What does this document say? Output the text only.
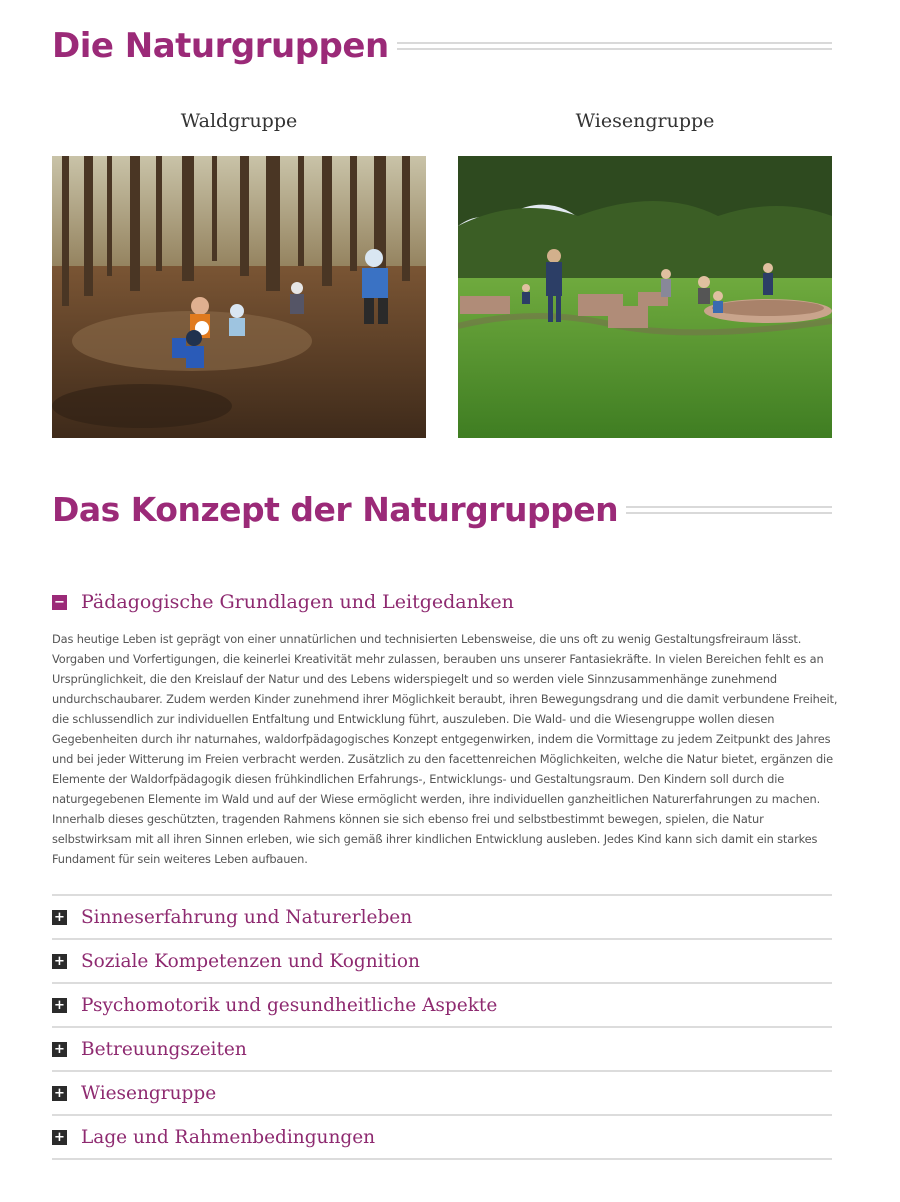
Die Naturgruppen
Waldgruppe	Wiesengruppe
Das Konzept der Naturgruppen
− Pädagogische Grundlagen und Leitgedanken

Das heutige Leben ist geprägt von einer unnatürlichen und technisierten Lebensweise, die uns oft zu wenig Gestaltungsfreiraum lässt. Vorgaben und Vorfertigungen, die keinerlei Kreativität mehr zulassen, berauben uns unserer Fantasiekräfte. In vielen Bereichen fehlt es an Ursprünglichkeit, die den Kreislauf der Natur und des Lebens widerspiegelt und so werden viele Sinnzusammenhänge zunehmend undurchschaubarer. Zudem werden Kinder zunehmend ihrer Möglichkeit beraubt, ihren Bewegungsdrang und die damit verbundene Freiheit, die schlussendlich zur individuellen Entfaltung und Entwicklung führt, auszuleben. Die Wald- und die Wiesengruppe wollen diesen Gegebenheiten durch ihr naturnahes, waldorfpädagogisches Konzept entgegenwirken, indem die Vormittage zu jedem Zeitpunkt des Jahres und bei jeder Witterung im Freien verbracht werden. Zusätzlich zu den facettenreichen Möglichkeiten, welche die Natur bietet, ergänzen die Elemente der Waldorfpädagogik diesen frühkindlichen Erfahrungs-, Entwicklungs- und Gestaltungsraum. Den Kindern soll durch die naturgegebenen Elemente im Wald und auf der Wiese ermöglicht werden, ihre individuellen ganzheitlichen Naturerfahrungen zu machen. Innerhalb dieses geschützten, tragenden Rahmens können sie sich ebenso frei und selbstbestimmt bewegen, spielen, die Natur selbstwirksam mit all ihren Sinnen erleben, wie sich gemäß ihrer kindlichen Entwicklung ausleben. Jedes Kind kann sich damit ein starkes Fundament für sein weiteres Leben aufbauen.

+ Sinneserfahrung und Naturerleben
+ Soziale Kompetenzen und Kognition
+ Psychomotorik und gesundheitliche Aspekte
+ Betreuungszeiten
+ Wiesengruppe
+ Lage und Rahmenbedingungen
